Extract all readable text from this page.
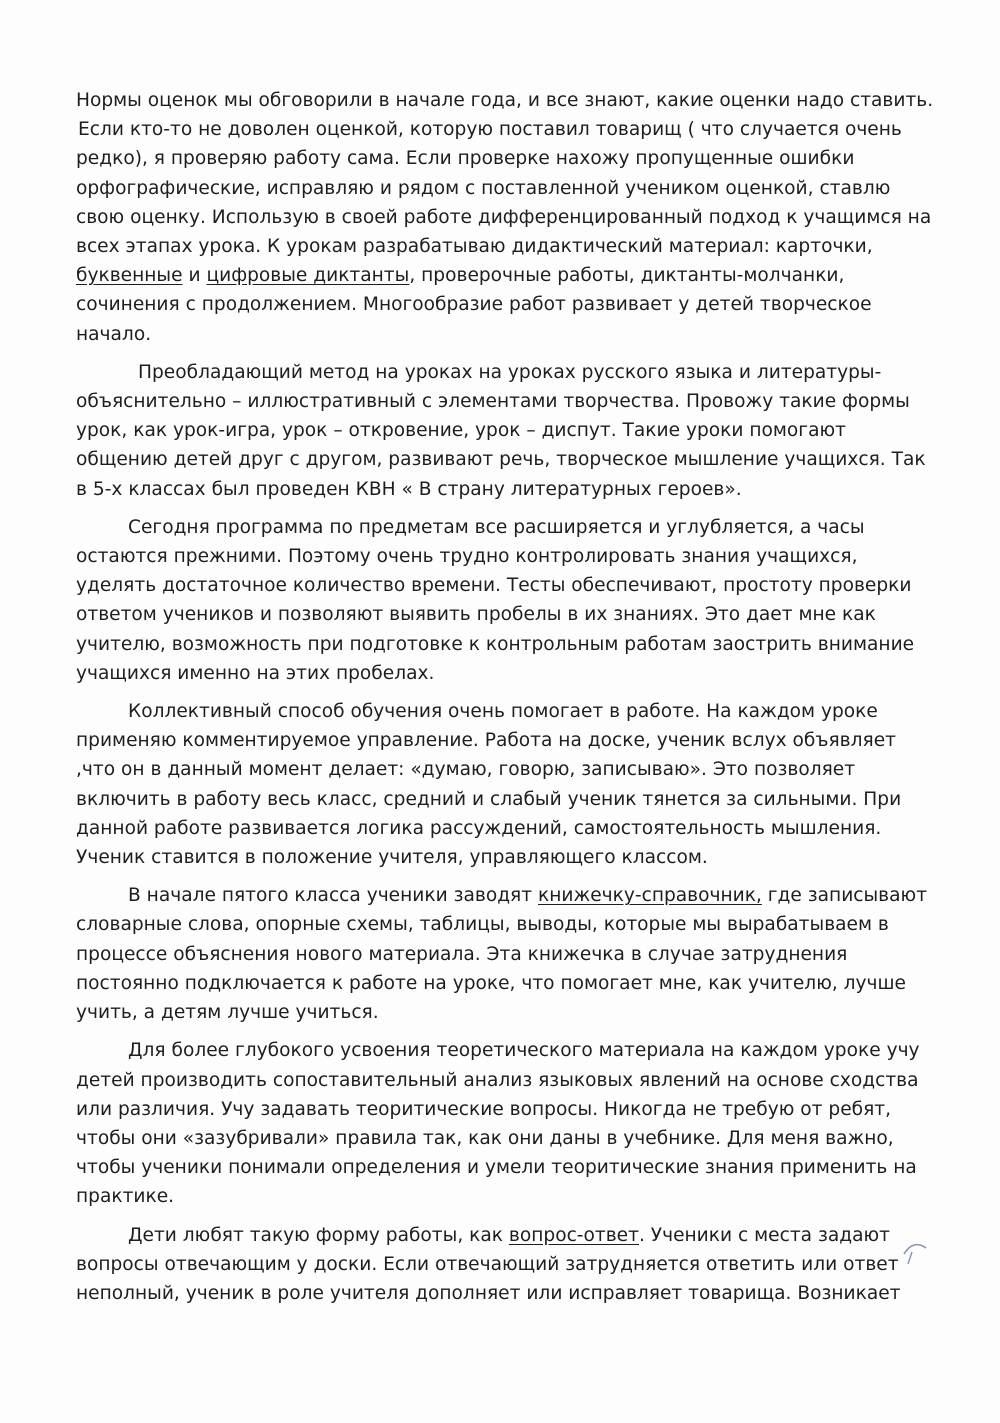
Нормы оценок мы обговорили в начале года, и все знают, какие оценки надо ставить.
Если кто-то не доволен оценкой, которую поставил товарищ ( что случается очень
редко), я проверяю работу сама. Если проверке нахожу пропущенные ошибки
орфографические, исправляю и рядом с поставленной учеником оценкой, ставлю
свою оценку. Использую в своей работе дифференцированный подход к учащимся на
всех этапах урока. К урокам разрабатываю дидактический материал: карточки,
буквенные и цифровые диктанты, проверочные работы, диктанты-молчанки,
сочинения с продолжением. Многообразие работ развивает у детей творческое
начало.
Преобладающий метод на уроках на уроках русского языка и литературы-
объяснительно – иллюстративный с элементами творчества. Провожу такие формы
урок, как урок-игра, урок – откровение, урок – диспут. Такие уроки помогают
общению детей друг с другом, развивают речь, творческое мышление учащихся. Так
в 5-х классах был проведен КВН « В страну литературных героев».
Сегодня программа по предметам все расширяется и углубляется, а часы
остаются прежними. Поэтому очень трудно контролировать знания учащихся,
уделять достаточное количество времени. Тесты обеспечивают, простоту проверки
ответом учеников и позволяют выявить пробелы в их знаниях. Это дает мне как
учителю, возможность при подготовке к контрольным работам заострить внимание
учащихся именно на этих пробелах.
Коллективный способ обучения очень помогает в работе. На каждом уроке
применяю комментируемое управление. Работа на доске, ученик вслух объявляет
,что он в данный момент делает: «думаю, говорю, записываю». Это позволяет
включить в работу весь класс, средний и слабый ученик тянется за сильными. При
данной работе развивается логика рассуждений, самостоятельность мышления.
Ученик ставится в положение учителя, управляющего классом.
В начале пятого класса ученики заводят книжечку-справочник, где записывают
словарные слова, опорные схемы, таблицы, выводы, которые мы вырабатываем в
процессе объяснения нового материала. Эта книжечка в случае затруднения
постоянно подключается к работе на уроке, что помогает мне, как учителю, лучше
учить, а детям лучше учиться.
Для более глубокого усвоения теоретического материала на каждом уроке учу
детей производить сопоставительный анализ языковых явлений на основе сходства
или различия. Учу задавать теоритические вопросы. Никогда не требую от ребят,
чтобы они «зазубривали» правила так, как они даны в учебнике. Для меня важно,
чтобы ученики понимали определения и умели теоритические знания применить на
практике.
Дети любят такую форму работы, как вопрос-ответ. Ученики с места задают
вопросы отвечающим у доски. Если отвечающий затрудняется ответить или ответ
неполный, ученик в роле учителя дополняет или исправляет товарища. Возникает
